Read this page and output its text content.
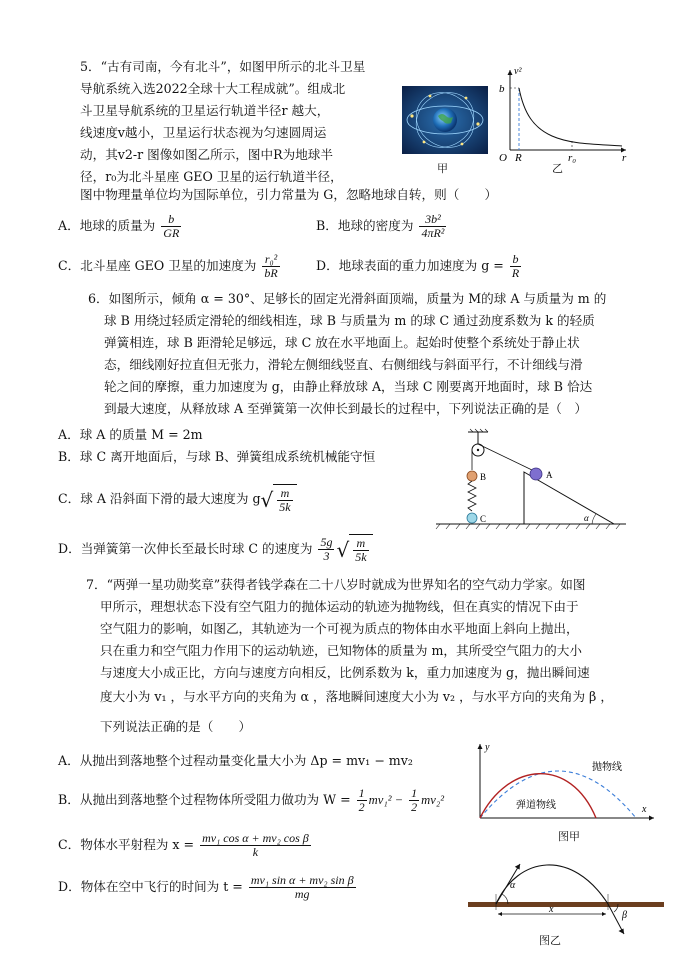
5．“古有司南，今有北斗”，如图甲所示的北斗卫星
导航系统入选2022全球十大工程成就”。组成北
斗卫星导航系统的卫星运行轨道半径r 越大，
线速度v越小，卫星运行状态视为匀速圆周运
动，其v2-r 图像如图乙所示，图中R为地球半
径，r₀为北斗星座 GEO 卫星的运行轨道半径，
图中物理量单位均为国际单位，引力常量为 G，忽略地球自转，则（　　）
甲
v²
b
O R	r₀	r
乙
A．地球的质量为 $\frac{b}{GR}$	B．地球的密度为 $\frac{\text{3b²}}{\text{4πR²}}$
C．北斗星座 GEO 卫星的加速度为 $\frac{\text{r₀²}}{bR}$	D．地球表面的重力加速度为 $g = \frac{b}{R}$
6．如图所示，倾角 α = 30°、足够长的固定光滑斜面顶端，质量为 M的球 A 与质量为 m 的
球 B 用绕过轻质定滑轮的细线相连，球 B 与质量为 m 的球 C 通过劲度系数为 k 的轻质
弹簧相连，球 B 距滑轮足够远，球 C 放在水平地面上。起始时使整个系统处于静止状
态，细线刚好拉直但无张力，滑轮左侧细线竖直、右侧细线与斜面平行，不计细线与滑
轮之间的摩擦，重力加速度为 g，由静止释放球 A，当球 C 刚要离开地面时，球 B 恰达
到最大速度，从释放球 A 至弹簧第一次伸长到最长的过程中，下列说法正确的是（　）
A．球 A 的质量 M = 2m
B．球 C 离开地面后，与球 B、弹簧组成系统机械能守恒
C．球 A 沿斜面下滑的最大速度为 $g√ \frac{m}{5k}$
D．当弹簧第一次伸长至最长时球 C 的速度为 $\frac{5g}{3}$ √ $\frac{m}{5k}$
B
C
A
α
7．“两弹一星功勋奖章”获得者钱学森在二十八岁时就成为世界知名的空气动力学家。如图
甲所示，理想状态下没有空气阻力的抛体运动的轨迹为抛物线，但在真实的情况下由于
空气阻力的影响，如图乙，其轨迹为一个可视为质点的物体由水平地面上斜向上抛出，
只在重力和空气阻力作用下的运动轨迹，已知物体的质量为 m，其所受空气阻力的大小
与速度大小成正比，方向与速度方向相反，比例系数为 k，重力加速度为 g，抛出瞬间速
度大小为 v₁ ，与水平方向的夹角为 α ，落地瞬间速度大小为 v₂ ，与水平方向的夹角为 β ，
下列说法正确的是（　　）
A．从抛出到落地整个过程动量变化量大小为 Δp = mv₁ − mv₂
B．从抛出到落地整个过程物体所受阻力做功为 $W = \frac{1}{2} mv_1^2 - \frac{1}{2} mv_2^2$
C．物体水平射程为 $x = \frac{\text{mv₁ cos α + mv₂ cos β}}{k}$
D．物体在空中飞行的时间为 $t = \frac{\text{mv₁ sin α + mv₂ sin β}}{mg}$
y
x
抛物线
弹道物线
图甲
α
β
x
图乙
